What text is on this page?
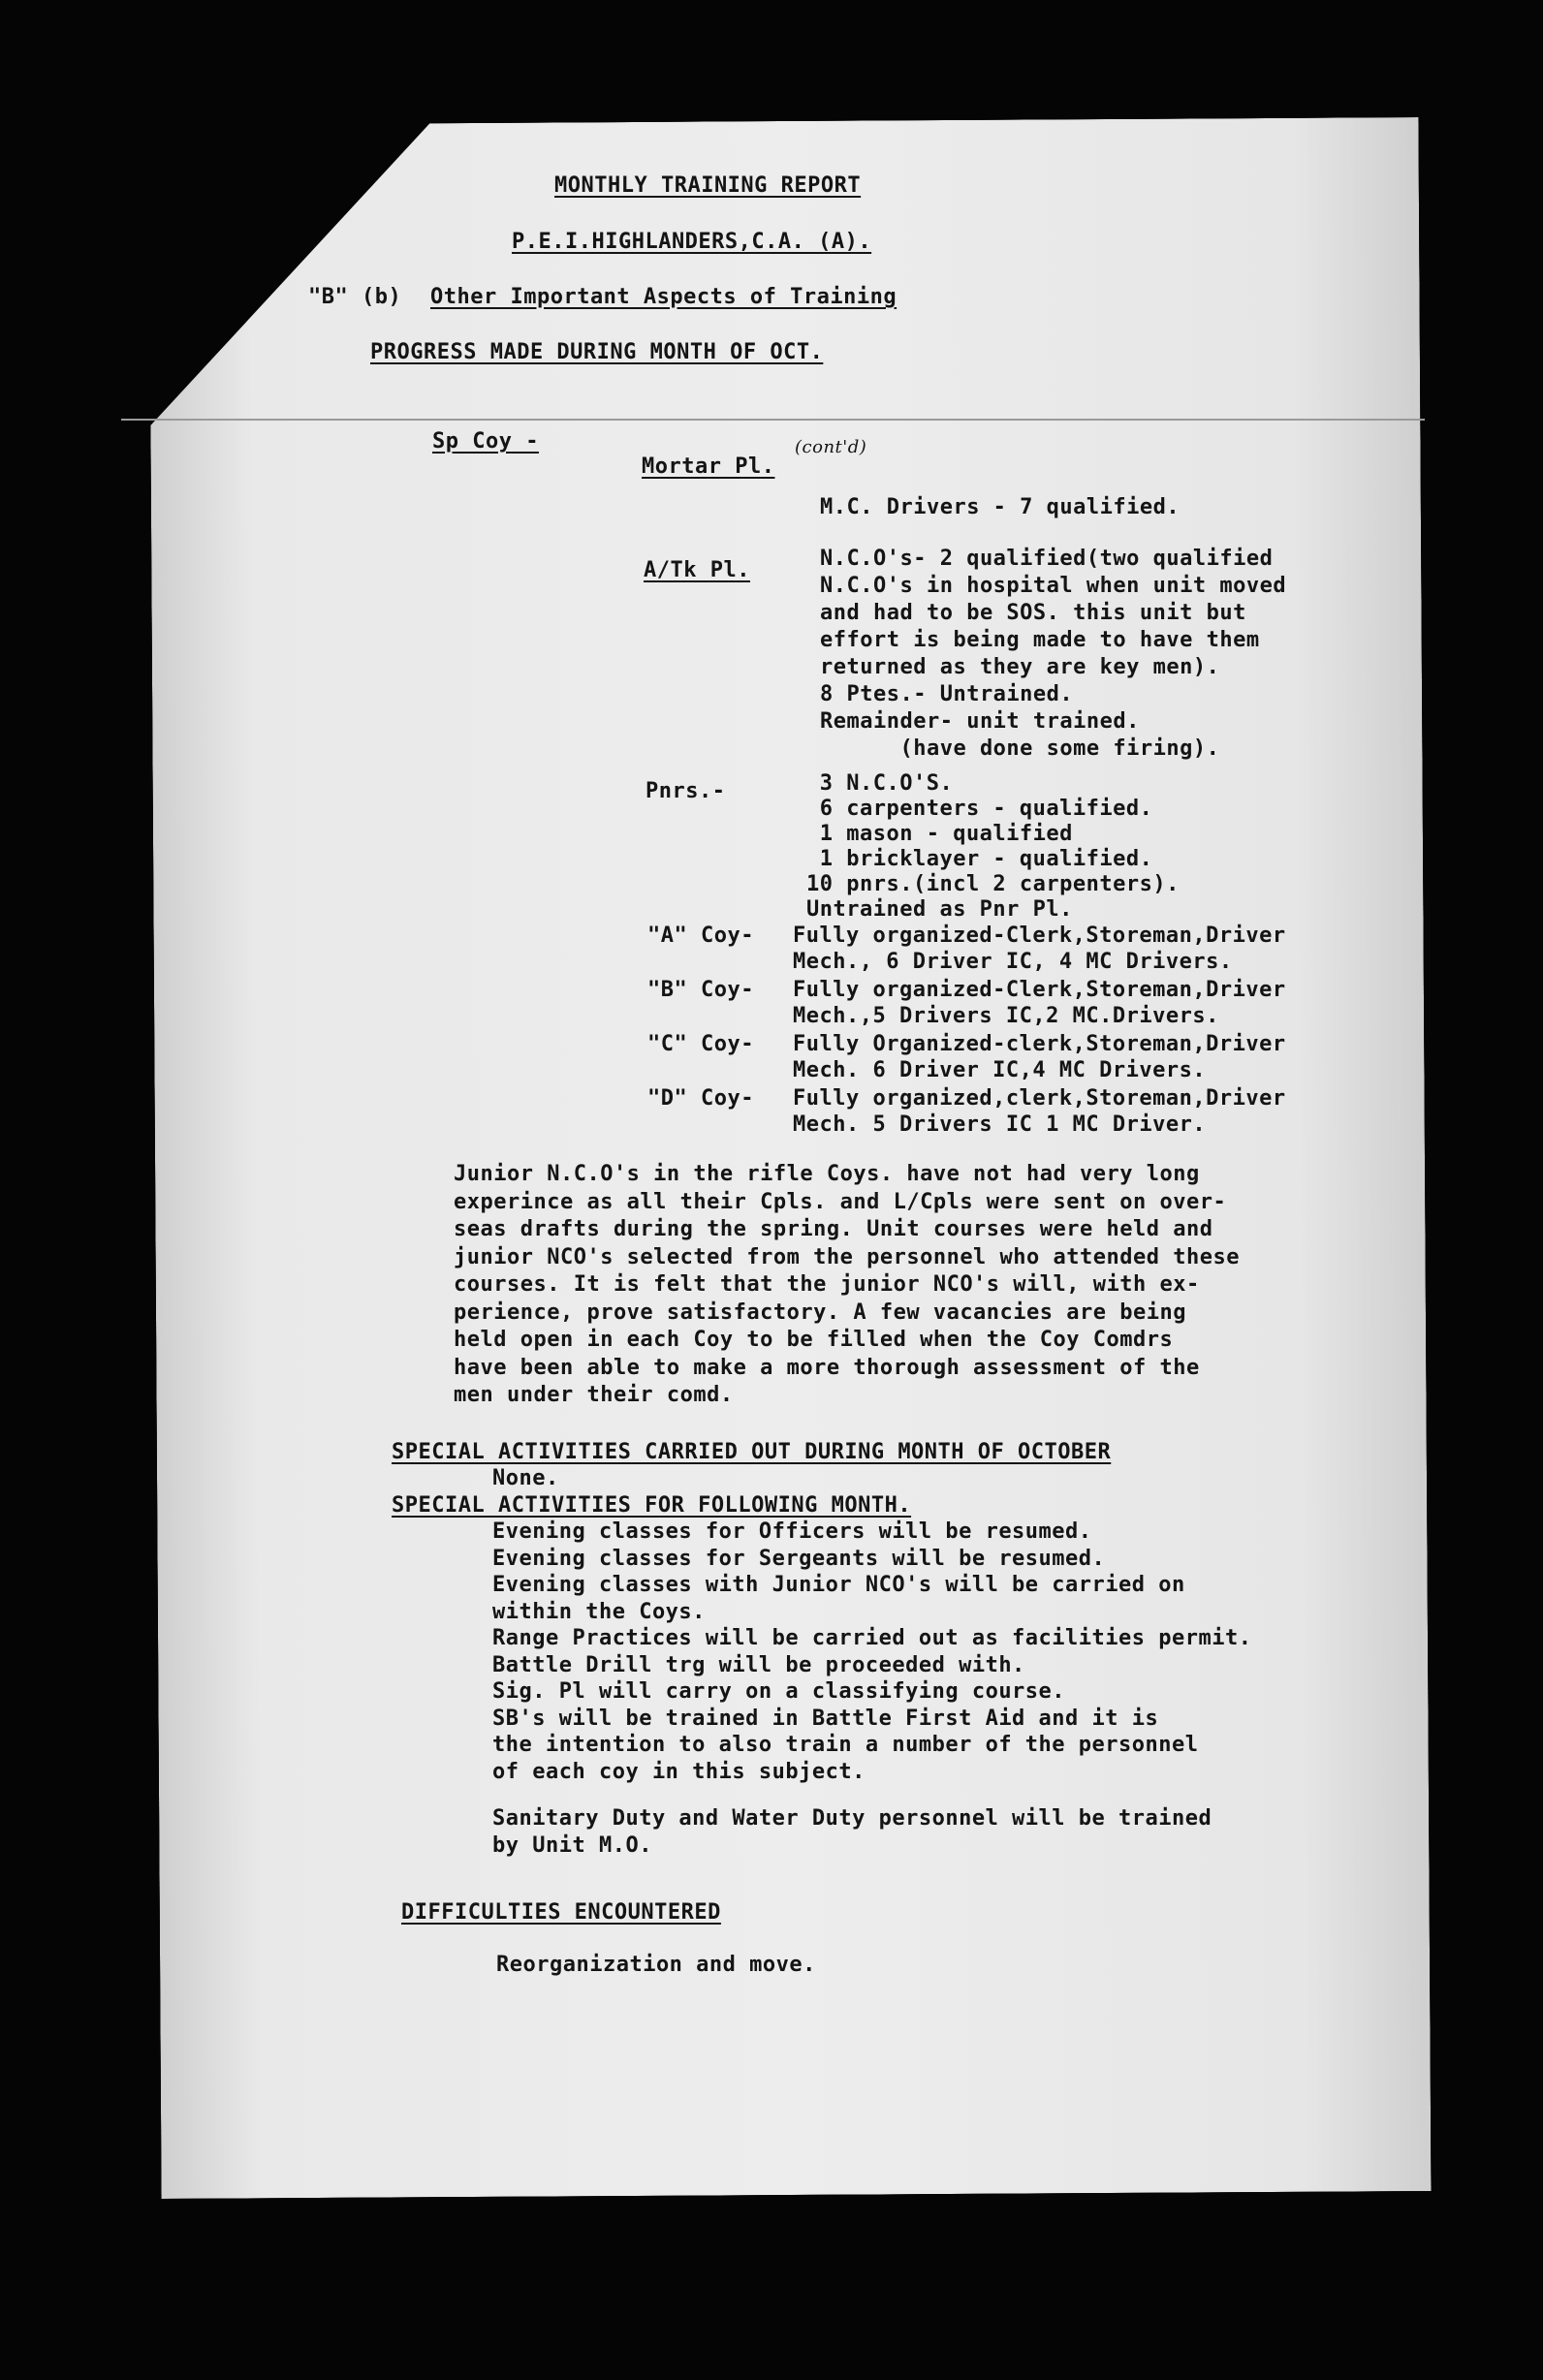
MONTHLY TRAINING REPORT
P.E.I.HIGHLANDERS,C.A. (A).
"B" (b) Other Important Aspects of Training
PROGRESS MADE DURING MONTH OF OCT.
Sp Coy -
Mortar Pl.
(cont'd)
M.C. Drivers - 7 qualified.
A/Tk Pl.	N.C.O's- 2 qualified(two qualified
N.C.O's in hospital when unit moved
and had to be SOS. this unit but
effort is being made to have them
returned as they are key men).
8 Ptes.- Untrained.
Remainder- unit trained.
(have done some firing).
Pnrs.-	3 N.C.O'S.
6 carpenters - qualified.
1 mason - qualified
1 bricklayer - qualified.
10 pnrs.(incl 2 carpenters).
Untrained as Pnr Pl.
"A" Coy- Fully organized-Clerk,Storeman,Driver
Mech., 6 Driver IC, 4 MC Drivers.
"B" Coy- Fully organized-Clerk,Storeman,Driver
Mech.,5 Drivers IC,2 MC.Drivers.
"C" Coy- Fully Organized-clerk,Storeman,Driver
Mech. 6 Driver IC,4 MC Drivers.
"D" Coy- Fully organized,clerk,Storeman,Driver
Mech. 5 Drivers IC 1 MC Driver.
Junior N.C.O's in the rifle Coys. have not had very long
experince as all their Cpls. and L/Cpls were sent on over-
seas drafts during the spring. Unit courses were held and
junior NCO's selected from the personnel who attended these
courses. It is felt that the junior NCO's will, with ex-
perience, prove satisfactory. A few vacancies are being
held open in each Coy to be filled when the Coy Comdrs
have been able to make a more thorough assessment of the
men under their comd.
SPECIAL ACTIVITIES CARRIED OUT DURING MONTH OF OCTOBER
None.
SPECIAL ACTIVITIES FOR FOLLOWING MONTH.
Evening classes for Officers will be resumed.
Evening classes for Sergeants will be resumed.
Evening classes with Junior NCO's will be carried on
within the Coys.
Range Practices will be carried out as facilities permit.
Battle Drill trg will be proceeded with.
Sig. Pl will carry on a classifying course.
SB's will be trained in Battle First Aid and it is
the intention to also train a number of the personnel
of each coy in this subject.
Sanitary Duty and Water Duty personnel will be trained
by Unit M.O.
DIFFICULTIES ENCOUNTERED
Reorganization and move.
